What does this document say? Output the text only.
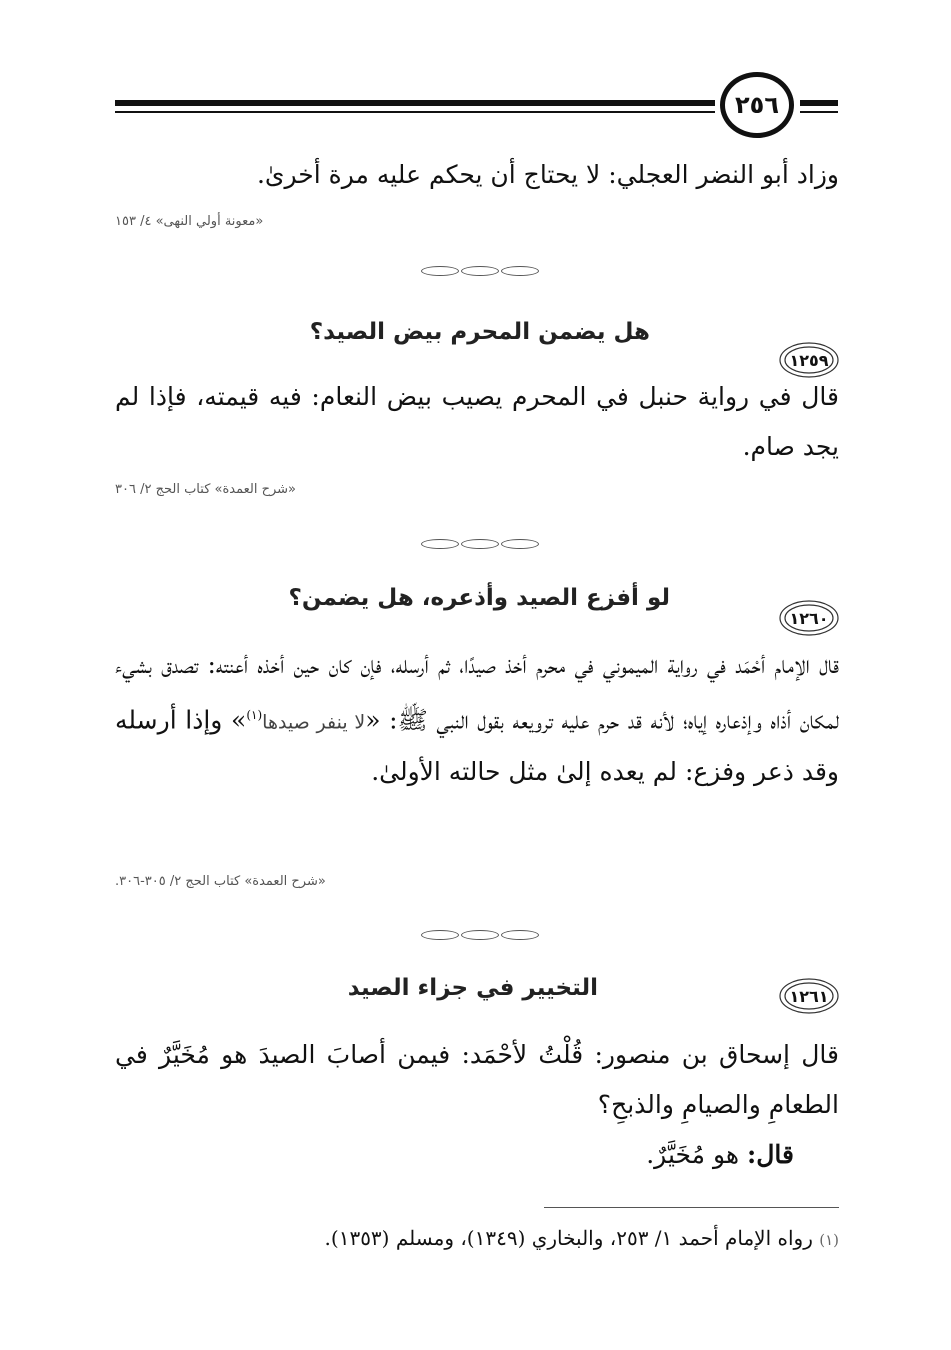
٢٥٦
وزاد أبو النضر العجلي: لا يحتاج أن يحكم عليه مرة أخرىٰ.
«معونة أولي النهى» ٤/ ١٥٣
١٢٥٩
هل يضمن المحرم بيض الصيد؟
قال في رواية حنبل في المحرم يصيب بيض النعام: فيه قيمته، فإذا لم يجد صام.
«شرح العمدة» كتاب الحج ٢/ ٣٠٦
١٢٦٠
لو أفزع الصيد وأذعره، هل يضمن؟
قال الإمام أحْمَد في رواية الميموني في محرم أخذ صيدًا، ثم أرسله، فإن كان حين أخذه أعنته: تصدق بشيء لمكان أذاه وإذعاره إياه؛ لأنه قد حرم عليه ترويعه بقول النبي ﷺ: «لا ينفر صيدها$^{(١)}$» وإذا أرسله وقد ذعر وفزع: لم يعده إلىٰ مثل حالته الأولىٰ.
«شرح العمدة» كتاب الحج ٢/ ٣٠٥-٣٠٦.
١٢٦١
التخيير في جزاء الصيد
قال إسحاق بن منصور: قُلْتُ لأحْمَد: فيمن أصابَ الصيدَ هو مُخَيَّرٌ في الطعامِ والصيامِ والذبحِ؟
قال: هو مُخَيَّرٌ.
(١) رواه الإمام أحمد ١/ ٢٥٣، والبخاري (١٣٤٩)، ومسلم (١٣٥٣).
